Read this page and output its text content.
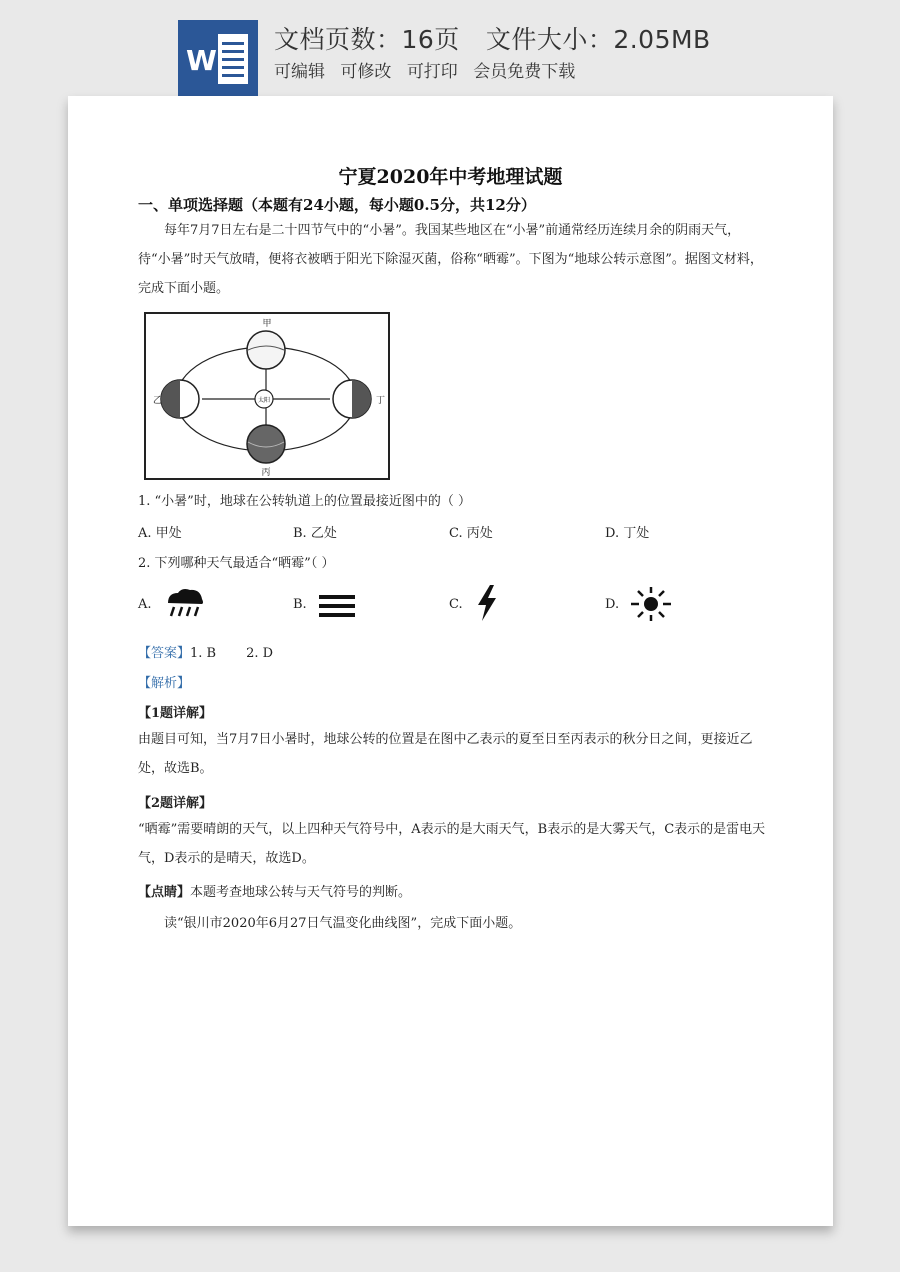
W
文档页数：16页 文件大小：2.05MB
可编辑 可修改 可打印 会员免费下载
宁夏2020年中考地理试题
一、单项选择题（本题有24小题，每小题0.5分，共12分）
每年7月7日左右是二十四节气中的“小暑”。我国某些地区在“小暑”前通常经历连续月余的阴雨天气，待“小暑”时天气放晴，便将衣被晒于阳光下除湿灭菌，俗称“晒霉”。下图为“地球公转示意图”。据图文材料，完成下面小题。
太阳
甲
乙	丁
丙
1. “小暑”时，地球在公转轨道上的位置最接近图中的（ ）
A. 甲处	B. 乙处	C. 丙处	D. 丁处
2. 下列哪种天气最适合“晒霉”（ ）
A.	B.	C.	D.
【答案】1. B 2. D
【解析】
【1题详解】
由题目可知，当7月7日小暑时，地球公转的位置是在图中乙表示的夏至日至丙表示的秋分日之间，更接近乙处，故选B。
【2题详解】
“晒霉”需要晴朗的天气，以上四种天气符号中，A表示的是大雨天气，B表示的是大雾天气，C表示的是雷电天气，D表示的是晴天，故选D。
【点睛】本题考查地球公转与天气符号的判断。
读“银川市2020年6月27日气温变化曲线图”，完成下面小题。
